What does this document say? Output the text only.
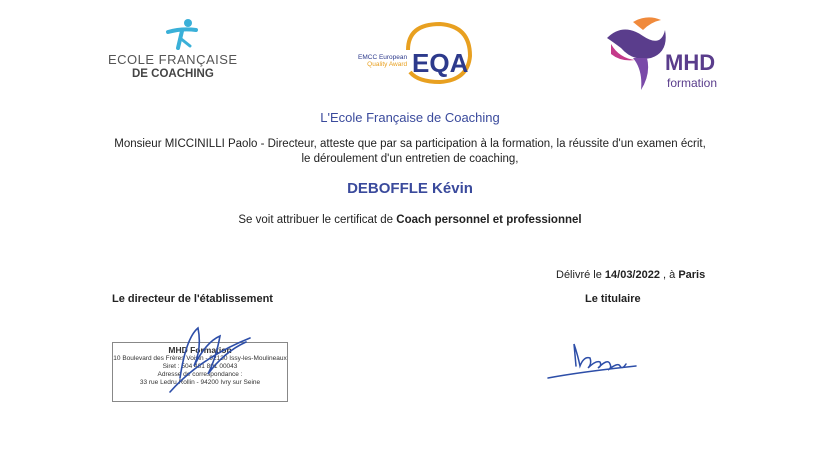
ECOLE FRANÇAISE
DE COACHING
EMCC European
Quality Award EQA	MHD
formation
L'Ecole Française de Coaching
Monsieur MICCINILLI Paolo - Directeur, atteste que par sa participation à la formation, la réussite d'un examen écrit, le déroulement d'un entretien de coaching,
DEBOFFLE Kévin
Se voit attribuer le certificat de Coach personnel et professionnel
Délivré le 14/03/2022 , à Paris
Le directeur de l'établissement	Le titulaire
MHD Formation
10 Boulevard des Frères Voisin - 92130 Issy-les-Moulineaux
Siret : 504 481 801 00043
Adresse de correspondance :
33 rue Ledru Rollin - 94200 Ivry sur Seine
